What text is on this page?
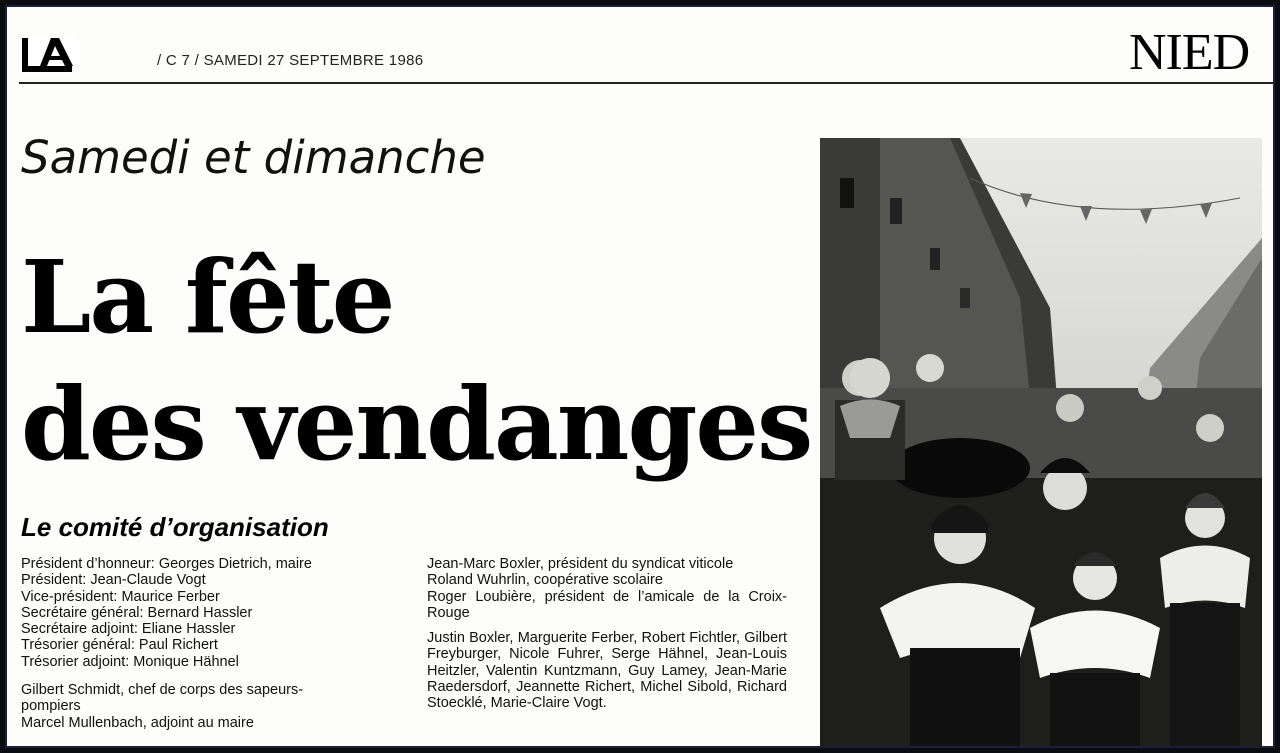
/ C 7 / SAMEDI 27 SEPTEMBRE 1986	NIED
Samedi et dimanche
La fête
des vendanges
Le comité d’organisation

Président d’honneur: Georges Dietrich, maire

Président: Jean-Claude Vogt

Vice-président: Maurice Ferber

Secrétaire général: Bernard Hassler

Secrétaire adjoint: Eliane Hassler

Trésorier général: Paul Richert

Trésorier adjoint: Monique Hähnel

Gilbert Schmidt, chef de corps des sapeurs-pompiers

Marcel Mullenbach, adjoint au maire

Jean-Marc Boxler, président du syndicat viticole

Roland Wuhrlin, coopérative scolaire

Roger Loubière, président de l’amicale de la Croix-Rouge

Justin Boxler, Marguerite Ferber, Robert Fichtler, Gilbert Freyburger, Nicole Fuhrer, Serge Hähnel, Jean-Louis Heitzler, Valentin Kuntzmann, Guy Lamey, Jean-Marie Raedersdorf, Jeannette Richert, Michel Sibold, Richard Stoecklé, Marie-Claire Vogt.
